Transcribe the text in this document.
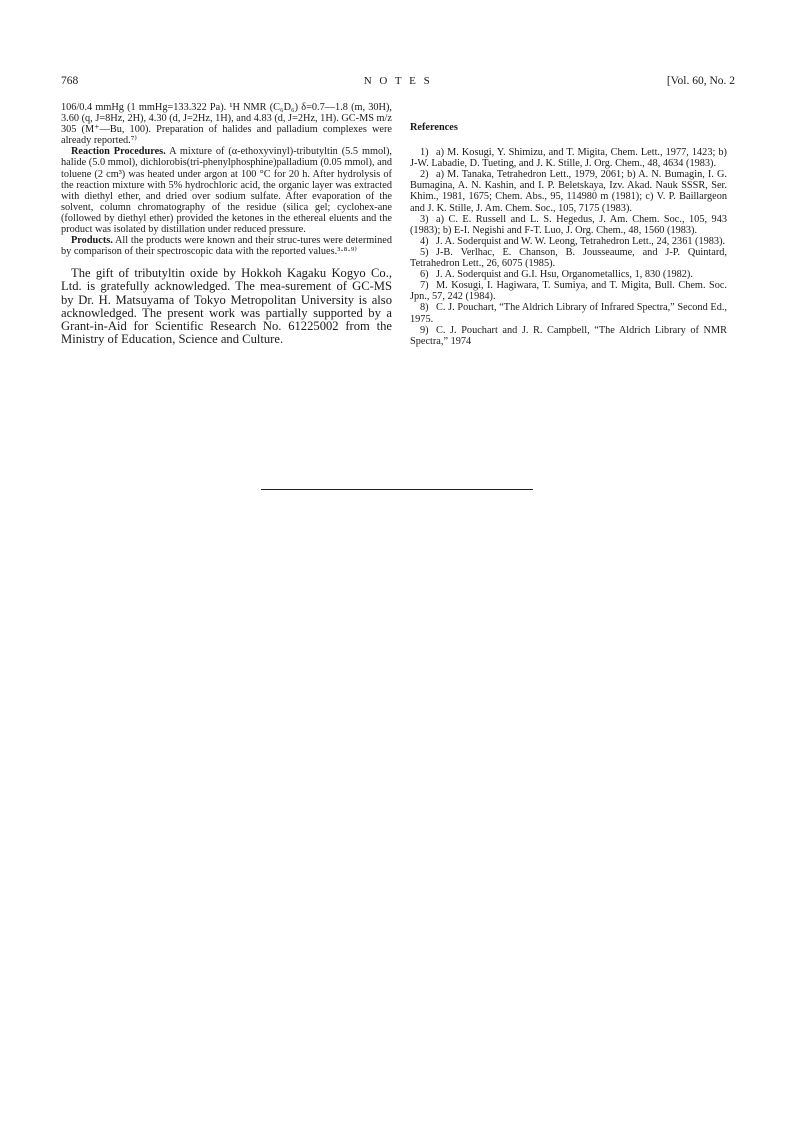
768	N O T E S	[Vol. 60, No. 2

106/0.4 mmHg (1 mmHg=133.322 Pa). ¹H NMR (C₆D₆) δ=0.7—1.8 (m, 30H), 3.60 (q, J=8Hz, 2H), 4.30 (d, J=2Hz, 1H), and 4.83 (d, J=2Hz, 1H). GC-MS m/z 305 (M⁺—Bu, 100). Preparation of halides and palladium complexes were already reported.⁷⁾

Reaction Procedures. A mixture of (α-ethoxyvinyl)-tributyltin (5.5 mmol), halide (5.0 mmol), dichlorobis(tri-phenylphosphine)palladium (0.05 mmol), and toluene (2 cm³) was heated under argon at 100 °C for 20 h. After hydrolysis of the reaction mixture with 5% hydrochloric acid, the organic layer was extracted with diethyl ether, and dried over sodium sulfate. After evaporation of the solvent, column chromatography of the residue (silica gel; cyclohex-ane (followed by diethyl ether) provided the ketones in the ethereal eluents and the product was isolated by distillation under reduced pressure.

Products. All the products were known and their struc-tures were determined by comparison of their spectroscopic data with the reported values.³·⁸·⁹⁾

The gift of tributyltin oxide by Hokkoh Kagaku Kogyo Co., Ltd. is gratefully acknowledged. The mea-surement of GC-MS by Dr. H. Matsuyama of Tokyo Metropolitan University is also acknowledged. The present work was partially supported by a Grant-in-Aid for Scientific Research No. 61225002 from the Ministry of Education, Science and Culture.

References

1) a) M. Kosugi, Y. Shimizu, and T. Migita, Chem. Lett., 1977, 1423; b) J-W. Labadie, D. Tueting, and J. K. Stille, J. Org. Chem., 48, 4634 (1983).

2) a) M. Tanaka, Tetrahedron Lett., 1979, 2061; b) A. N. Bumagin, I. G. Bumagina, A. N. Kashin, and I. P. Beletskaya, Izv. Akad. Nauk SSSR, Ser. Khim., 1981, 1675; Chem. Abs., 95, 114980 m (1981); c) V. P. Baillargeon and J. K. Stille, J. Am. Chem. Soc., 105, 7175 (1983).

3) a) C. E. Russell and L. S. Hegedus, J. Am. Chem. Soc., 105, 943 (1983); b) E-I. Negishi and F-T. Luo, J. Org. Chem., 48, 1560 (1983).

4) J. A. Soderquist and W. W. Leong, Tetrahedron Lett., 24, 2361 (1983).

5) J-B. Verlhac, E. Chanson, B. Jousseaume, and J-P. Quintard, Tetrahedron Lett., 26, 6075 (1985).

6) J. A. Soderquist and G.I. Hsu, Organometallics, 1, 830 (1982).

7) M. Kosugi, I. Hagiwara, T. Sumiya, and T. Migita, Bull. Chem. Soc. Jpn., 57, 242 (1984).

8) C. J. Pouchart, “The Aldrich Library of Infrared Spectra,” Second Ed., 1975.

9) C. J. Pouchart and J. R. Campbell, “The Aldrich Library of NMR Spectra,” 1974
